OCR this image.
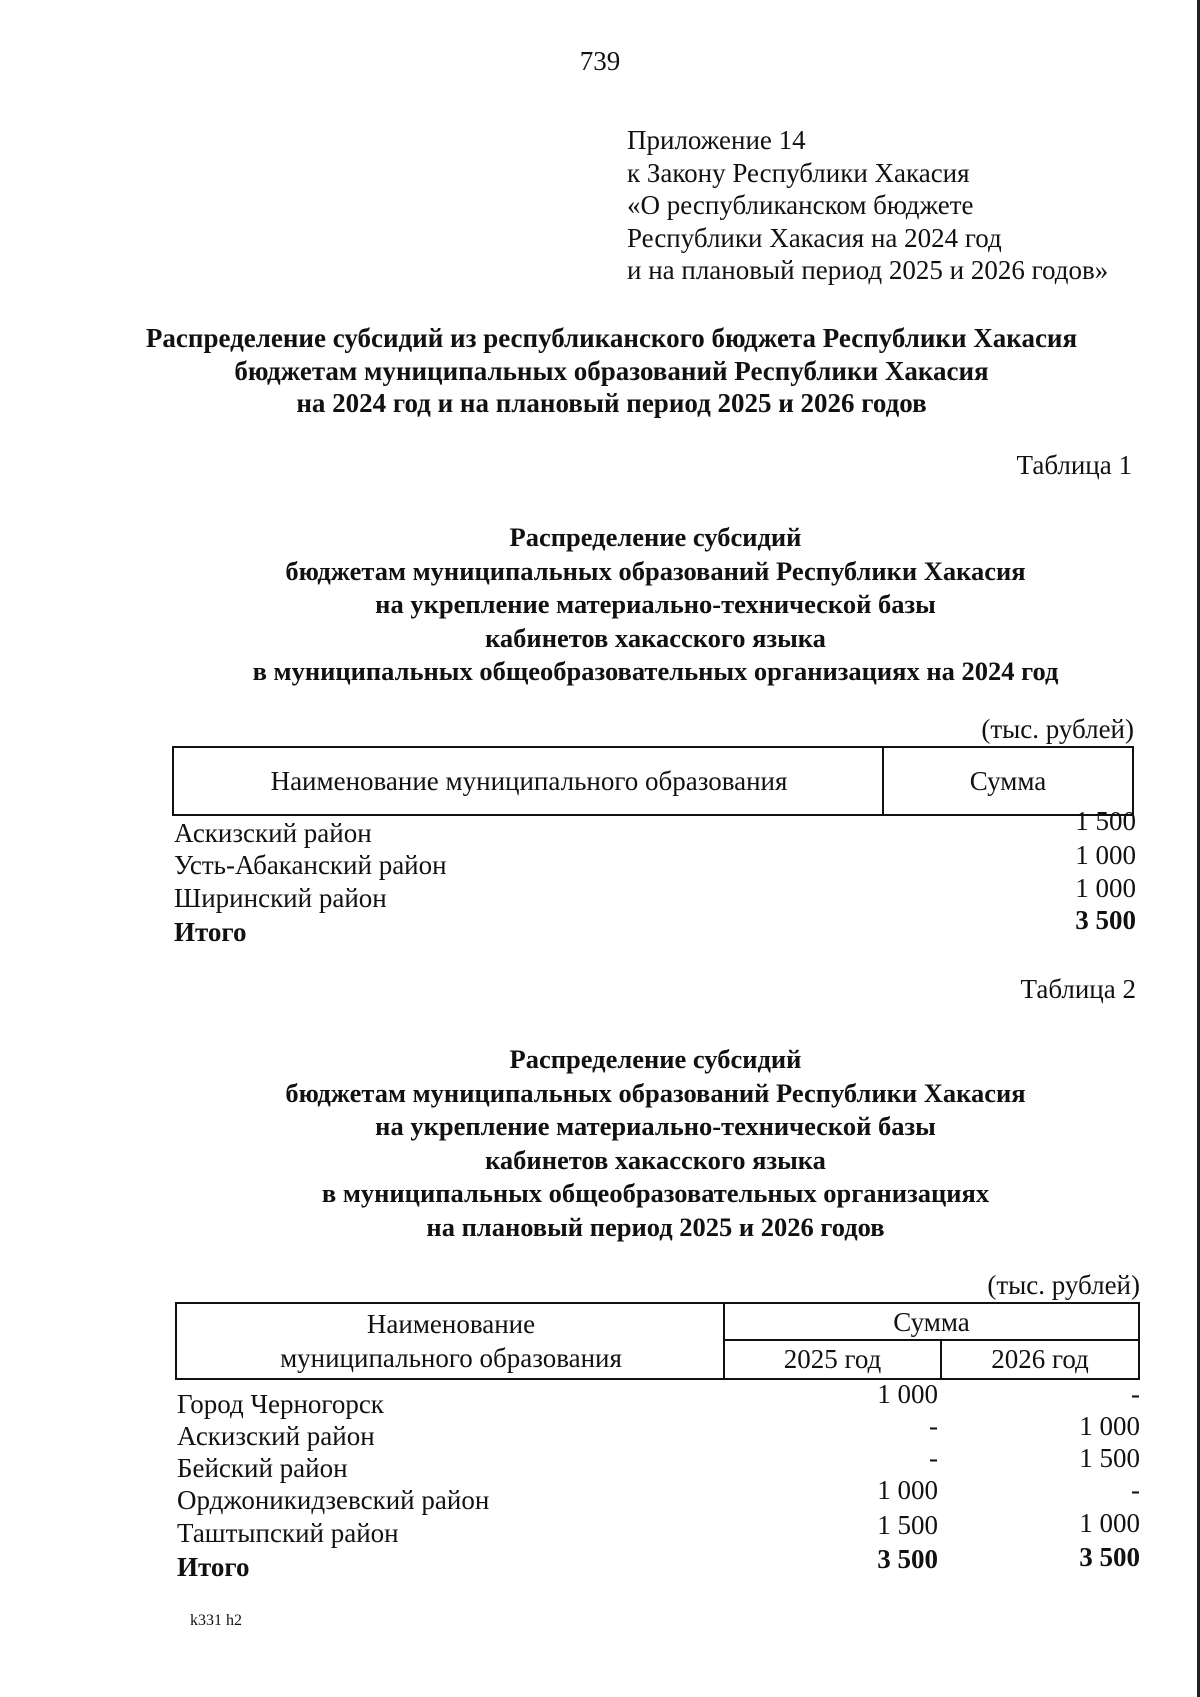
739
Приложение 14
к Закону Республики Хакасия
«О республиканском бюджете
Республики Хакасия на 2024 год
и на плановый период 2025 и 2026 годов»
Распределение субсидий из республиканского бюджета Республики Хакасия
бюджетам муниципальных образований Республики Хакасия
на 2024 год и на плановый период 2025 и 2026 годов
Таблица 1
Распределение субсидий
бюджетам муниципальных образований Республики Хакасия
на укрепление материально-технической базы
кабинетов хакасского языка
в муниципальных общеобразовательных организациях на 2024 год
(тыс. рублей)
Наименование муниципального образования	Сумма
Аскизский район	1 500
Усть-Абаканский район	1 000
Ширинский район	1 000
Итого	3 500
Таблица 2
Распределение субсидий
бюджетам муниципальных образований Республики Хакасия
на укрепление материально-технической базы
кабинетов хакасского языка
в муниципальных общеобразовательных организациях
на плановый период 2025 и 2026 годов
(тыс. рублей)
Наименование
муниципального образования
Сумма
2025 год	2026 год
Город Черногорск	1 000	-
Аскизский район	-	1 000
Бейский район	-	1 500
Орджоникидзевский район	1 000	-
Таштыпский район	1 500	1 000
Итого	3 500	3 500
k331 h2
